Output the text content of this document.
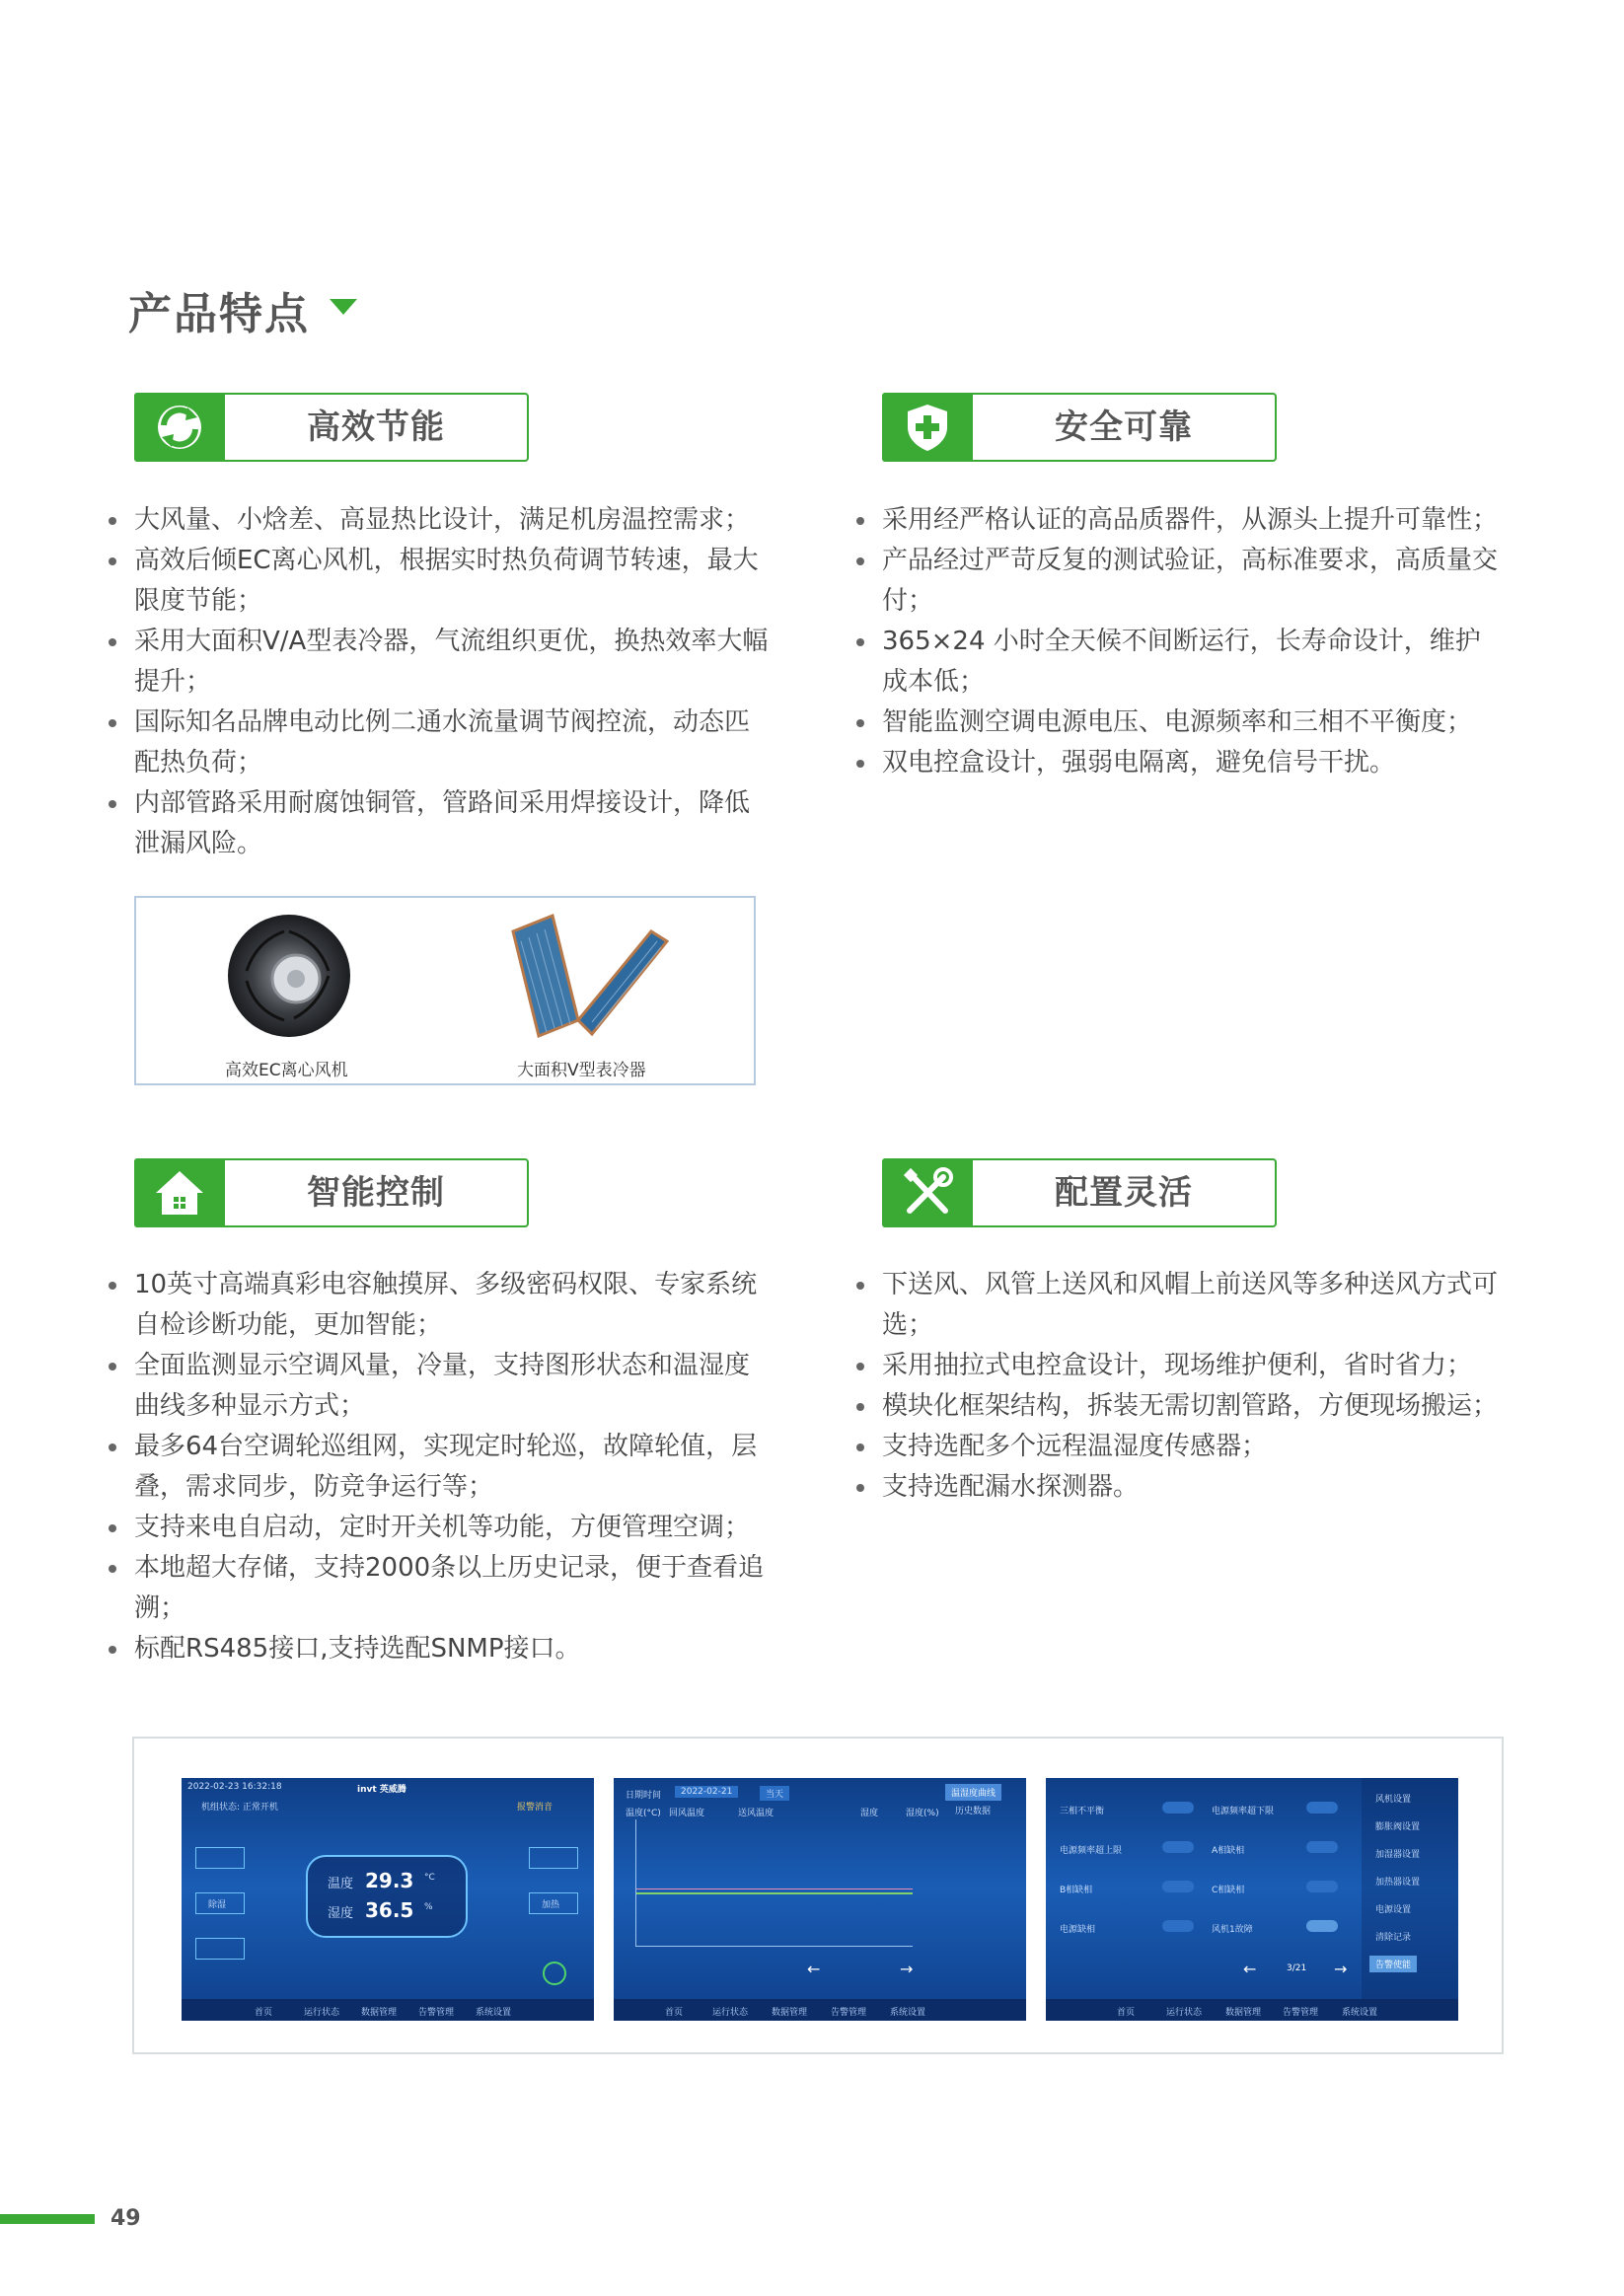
产品特点
高效节能
大风量、小焓差、高显热比设计，满足机房温控需求；
高效后倾EC离心风机，根据实时热负荷调节转速，最大限度节能；
采用大面积V/A型表冷器，气流组织更优，换热效率大幅提升；
国际知名品牌电动比例二通水流量调节阀控流，动态匹配热负荷；
内部管路采用耐腐蚀铜管，管路间采用焊接设计，降低泄漏风险。
安全可靠
采用经严格认证的高品质器件，从源头上提升可靠性；
产品经过严苛反复的测试验证，高标准要求，高质量交付；
365×24 小时全天候不间断运行，长寿命设计，维护成本低；
智能监测空调电源电压、电源频率和三相不平衡度；
双电控盒设计，强弱电隔离，避免信号干扰。
高效EC离心风机	大面积V型表冷器
智能控制
10英寸高端真彩电容触摸屏、多级密码权限、专家系统自检诊断功能，更加智能；
全面监测显示空调风量，冷量，支持图形状态和温湿度曲线多种显示方式；
最多64台空调轮巡组网，实现定时轮巡，故障轮值，层叠，需求同步，防竞争运行等；
支持来电自启动，定时开关机等功能，方便管理空调；
本地超大存储，支持2000条以上历史记录，便于查看追溯；
标配RS485接口,支持选配SNMP接口。
配置灵活
下送风、风管上送风和风帽上前送风等多种送风方式可选；
采用抽拉式电控盒设计，现场维护便利，省时省力；
模块化框架结构，拆装无需切割管路，方便现场搬运；
支持选配多个远程温湿度传感器；
支持选配漏水探测器。
2022-02-23 16:32:18	invt 英威腾
机组状态: 正常开机	报警消音
温度 29.3 °C
湿度 36.5 %
除湿	加热
首页	运行状态 数据管理 告警管理 系统设置
日期时间	2022-02-21	当天	温湿度曲线
历史数据
温度(°C) 回风温度	送风温度	湿度	湿度(%)
←	→
首页	运行状态	数据管理	告警管理	系统设置
三相不平衡
电源频率超上限
B相缺相
电源缺相
电源频率超下限
A相缺相
C相缺相
风机1故障
风机设置
膨胀阀设置
加湿器设置
加热器设置
电源设置
清除记录
告警使能
←	3/21 →
首页	运行状态	数据管理 告警管理	系统设置
49
